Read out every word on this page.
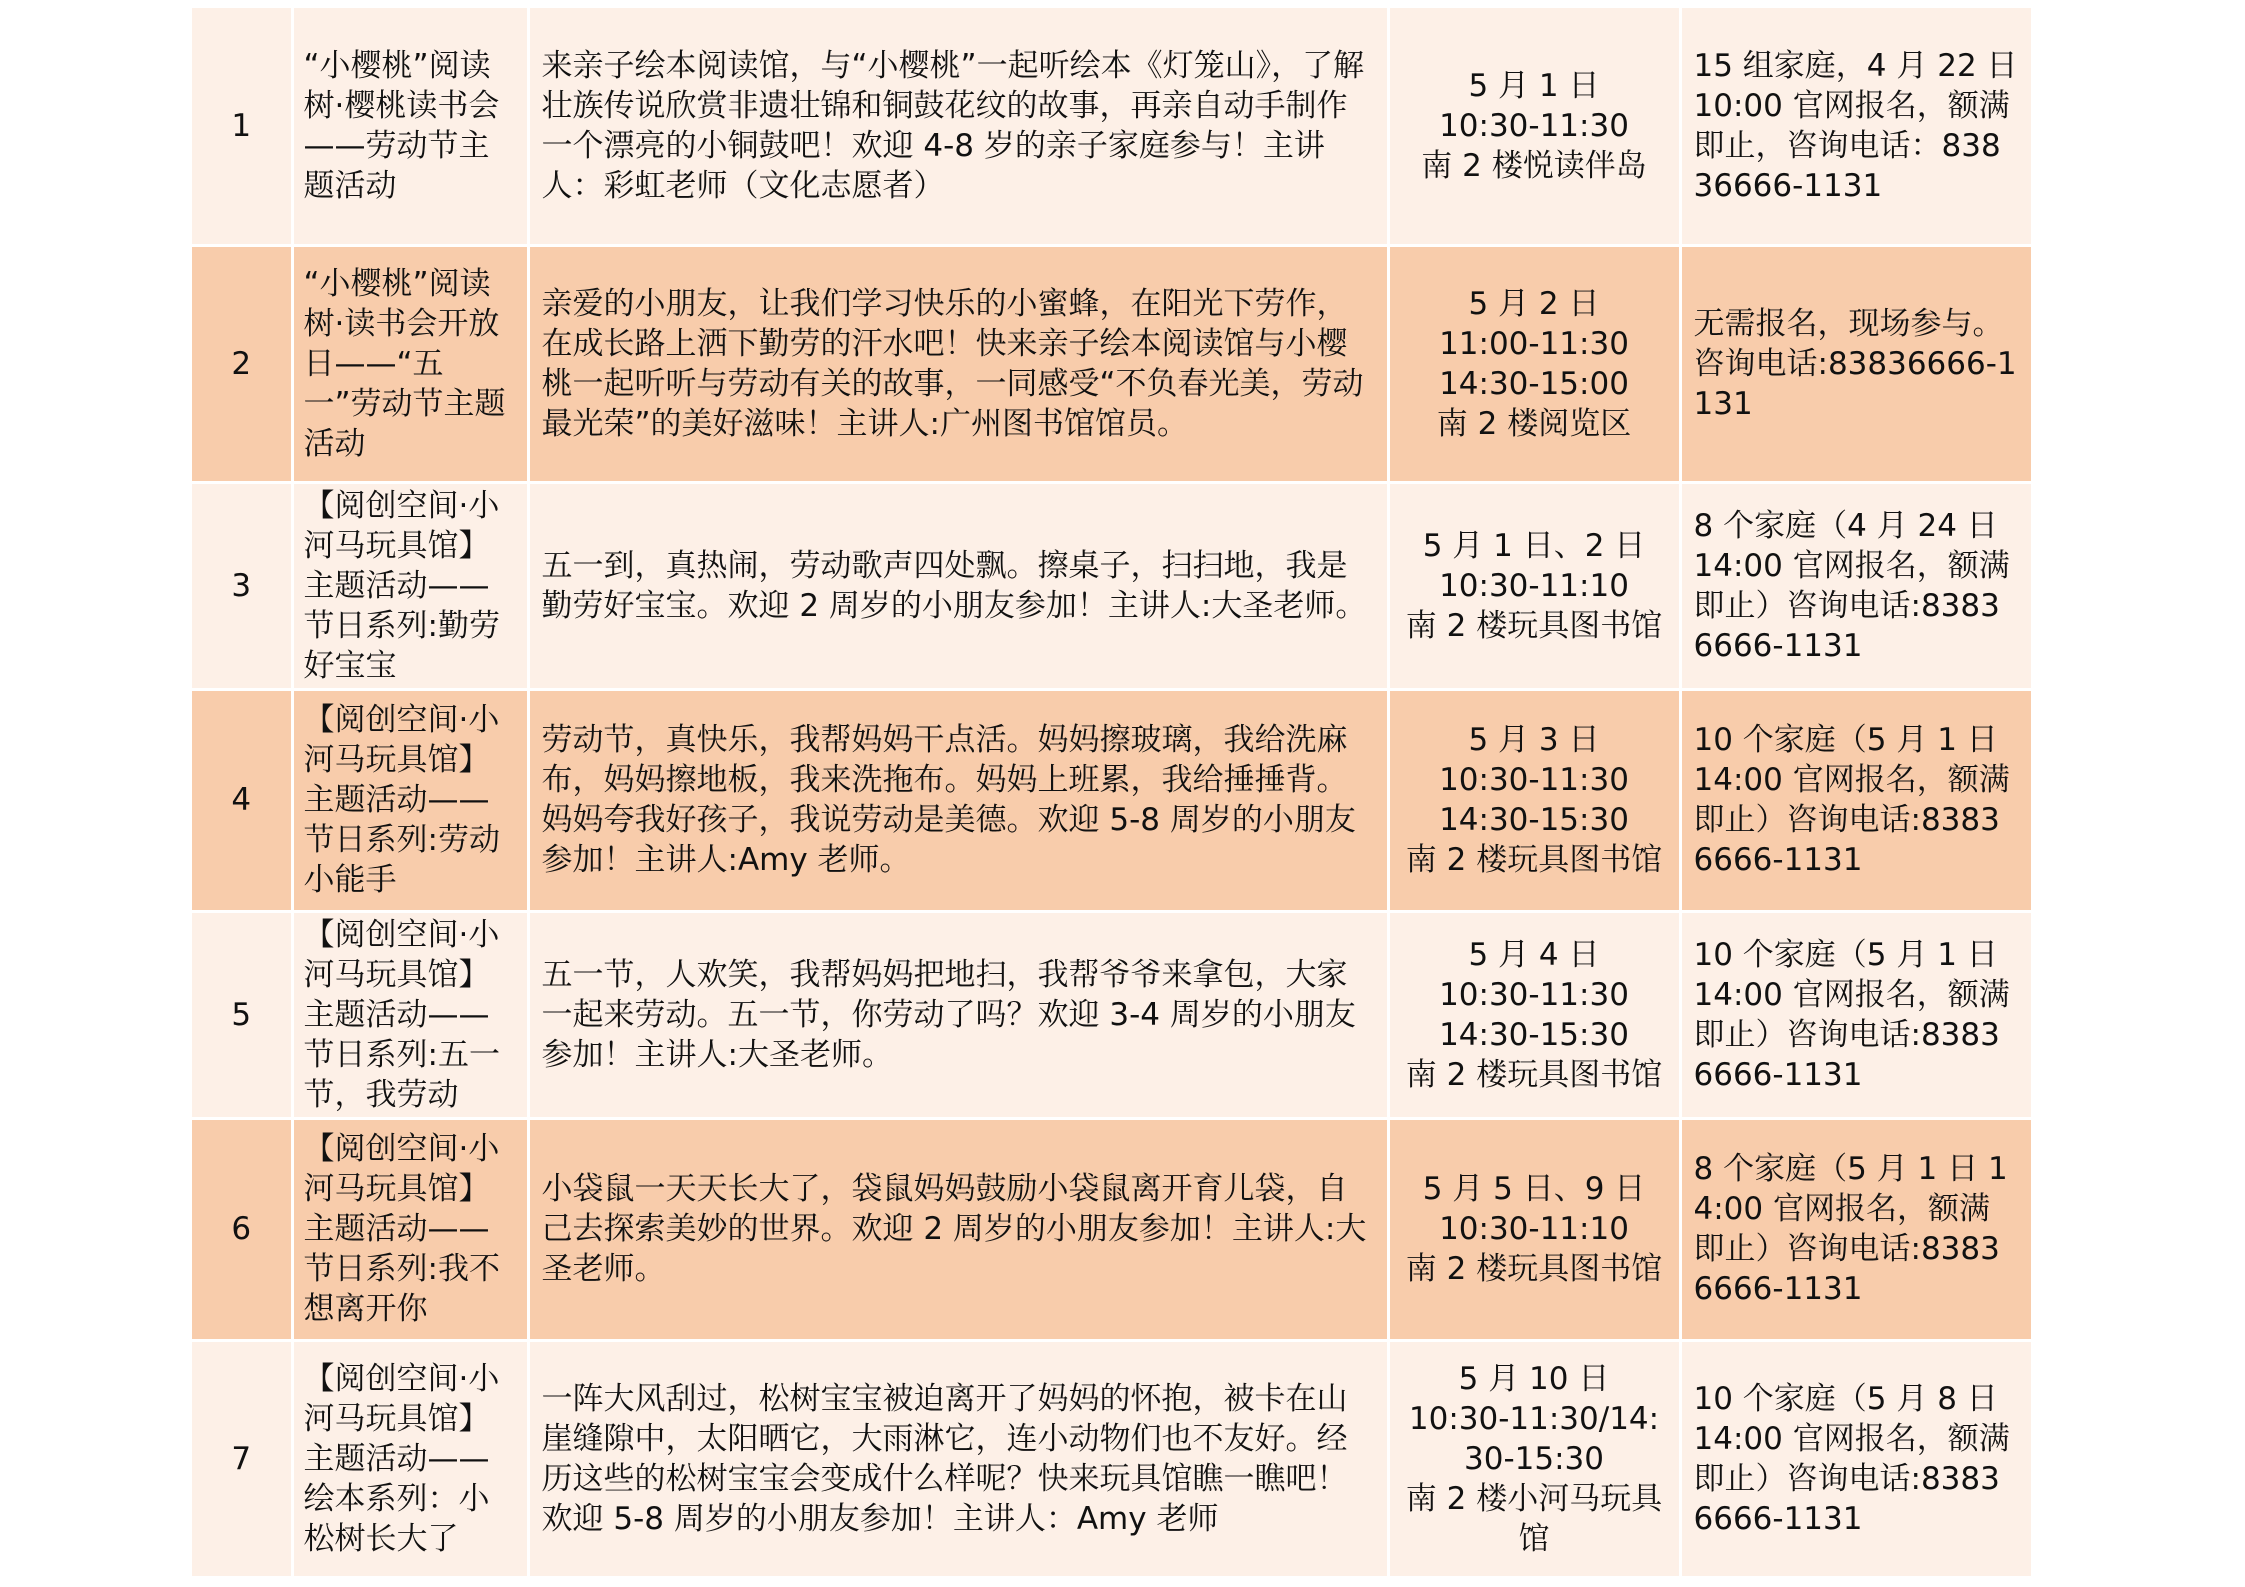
1	“小樱桃”阅读树·樱桃读书会——劳动节主题活动	来亲子绘本阅读馆，与“小樱桃”一起听绘本《灯笼山》，了解壮族传说欣赏非遗壮锦和铜鼓花纹的故事，再亲自动手制作一个漂亮的小铜鼓吧！欢迎 4-8 岁的亲子家庭参与！主讲人：彩虹老师（文化志愿者）	5 月 1 日
10:30-11:30
南 2 楼悦读伴岛	15 组家庭，4 月 22 日 10:00 官网报名，额满即止，咨询电话：83836666-1131
2	“小樱桃”阅读树·读书会开放日——“五一”劳动节主题活动	亲爱的小朋友，让我们学习快乐的小蜜蜂，在阳光下劳作，在成长路上洒下勤劳的汗水吧！快来亲子绘本阅读馆与小樱桃一起听听与劳动有关的故事，一同感受“不负春光美，劳动最光荣”的美好滋味！主讲人:广州图书馆馆员。	5 月 2 日
11:00-11:30
14:30-15:00
南 2 楼阅览区	无需报名，现场参与。咨询电话:83836666-1131
3	【阅创空间·小河马玩具馆】主题活动——节日系列:勤劳好宝宝	五一到，真热闹，劳动歌声四处飘。擦桌子，扫扫地，我是勤劳好宝宝。欢迎 2 周岁的小朋友参加！主讲人:大圣老师。	5 月 1 日、2 日
10:30-11:10
南 2 楼玩具图书馆	8 个家庭（4 月 24 日 14:00 官网报名，额满即止）咨询电话:83836666-1131
4	【阅创空间·小河马玩具馆】主题活动——节日系列:劳动小能手	劳动节，真快乐，我帮妈妈干点活。妈妈擦玻璃，我给洗麻布，妈妈擦地板，我来洗拖布。妈妈上班累，我给捶捶背。妈妈夸我好孩子，我说劳动是美德。欢迎 5-8 周岁的小朋友参加！主讲人:Amy 老师。	5 月 3 日
10:30-11:30
14:30-15:30
南 2 楼玩具图书馆	10 个家庭（5 月 1 日 14:00 官网报名，额满即止）咨询电话:83836666-1131
5	【阅创空间·小河马玩具馆】主题活动——节日系列:五一节，我劳动	五一节，人欢笑，我帮妈妈把地扫，我帮爷爷来拿包，大家一起来劳动。五一节，你劳动了吗？欢迎 3-4 周岁的小朋友参加！主讲人:大圣老师。	5 月 4 日
10:30-11:30
14:30-15:30
南 2 楼玩具图书馆	10 个家庭（5 月 1 日 14:00 官网报名，额满即止）咨询电话:83836666-1131
6	【阅创空间·小河马玩具馆】主题活动——节日系列:我不想离开你	小袋鼠一天天长大了，袋鼠妈妈鼓励小袋鼠离开育儿袋，自己去探索美妙的世界。欢迎 2 周岁的小朋友参加！主讲人:大圣老师。	5 月 5 日、9 日
10:30-11:10
南 2 楼玩具图书馆	8 个家庭（5 月 1 日 14:00 官网报名，额满即止）咨询电话:83836666-1131
7	【阅创空间·小河马玩具馆】主题活动——绘本系列：小松树长大了	一阵大风刮过，松树宝宝被迫离开了妈妈的怀抱，被卡在山崖缝隙中，太阳晒它，大雨淋它，连小动物们也不友好。经历这些的松树宝宝会变成什么样呢？快来玩具馆瞧一瞧吧！欢迎 5-8 周岁的小朋友参加！主讲人：Amy 老师	5 月 10 日
10:30-11:30/14:30-15:30
南 2 楼小河马玩具馆	10 个家庭（5 月 8 日 14:00 官网报名，额满即止）咨询电话:83836666-1131
